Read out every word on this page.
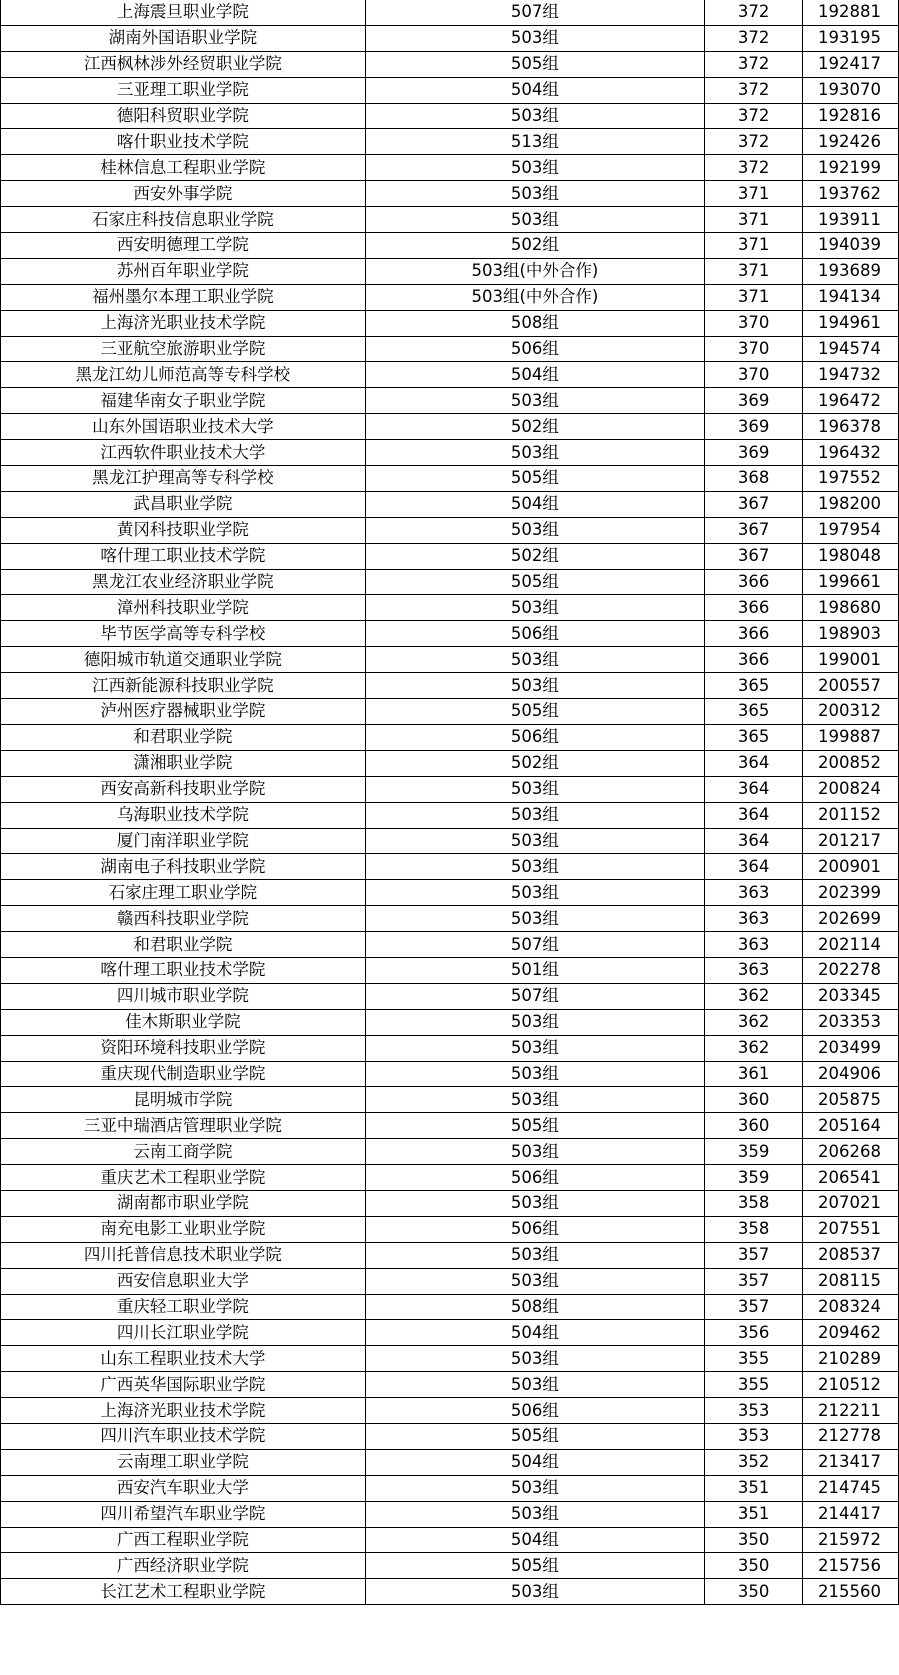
上海震旦职业学院	507组	372	192881
湖南外国语职业学院	503组	372	193195
江西枫林涉外经贸职业学院	505组	372	192417
三亚理工职业学院	504组	372	193070
德阳科贸职业学院	503组	372	192816
喀什职业技术学院	513组	372	192426
桂林信息工程职业学院	503组	372	192199
西安外事学院	503组	371	193762
石家庄科技信息职业学院	503组	371	193911
西安明德理工学院	502组	371	194039
苏州百年职业学院	503组(中外合作)	371	193689
福州墨尔本理工职业学院	503组(中外合作)	371	194134
上海济光职业技术学院	508组	370	194961
三亚航空旅游职业学院	506组	370	194574
黑龙江幼儿师范高等专科学校	504组	370	194732
福建华南女子职业学院	503组	369	196472
山东外国语职业技术大学	502组	369	196378
江西软件职业技术大学	503组	369	196432
黑龙江护理高等专科学校	505组	368	197552
武昌职业学院	504组	367	198200
黄冈科技职业学院	503组	367	197954
喀什理工职业技术学院	502组	367	198048
黑龙江农业经济职业学院	505组	366	199661
漳州科技职业学院	503组	366	198680
毕节医学高等专科学校	506组	366	198903
德阳城市轨道交通职业学院	503组	366	199001
江西新能源科技职业学院	503组	365	200557
泸州医疗器械职业学院	505组	365	200312
和君职业学院	506组	365	199887
潇湘职业学院	502组	364	200852
西安高新科技职业学院	503组	364	200824
乌海职业技术学院	503组	364	201152
厦门南洋职业学院	503组	364	201217
湖南电子科技职业学院	503组	364	200901
石家庄理工职业学院	503组	363	202399
赣西科技职业学院	503组	363	202699
和君职业学院	507组	363	202114
喀什理工职业技术学院	501组	363	202278
四川城市职业学院	507组	362	203345
佳木斯职业学院	503组	362	203353
资阳环境科技职业学院	503组	362	203499
重庆现代制造职业学院	503组	361	204906
昆明城市学院	503组	360	205875
三亚中瑞酒店管理职业学院	505组	360	205164
云南工商学院	503组	359	206268
重庆艺术工程职业学院	506组	359	206541
湖南都市职业学院	503组	358	207021
南充电影工业职业学院	506组	358	207551
四川托普信息技术职业学院	503组	357	208537
西安信息职业大学	503组	357	208115
重庆轻工职业学院	508组	357	208324
四川长江职业学院	504组	356	209462
山东工程职业技术大学	503组	355	210289
广西英华国际职业学院	503组	355	210512
上海济光职业技术学院	506组	353	212211
四川汽车职业技术学院	505组	353	212778
云南理工职业学院	504组	352	213417
西安汽车职业大学	503组	351	214745
四川希望汽车职业学院	503组	351	214417
广西工程职业学院	504组	350	215972
广西经济职业学院	505组	350	215756
长江艺术工程职业学院	503组	350	215560
